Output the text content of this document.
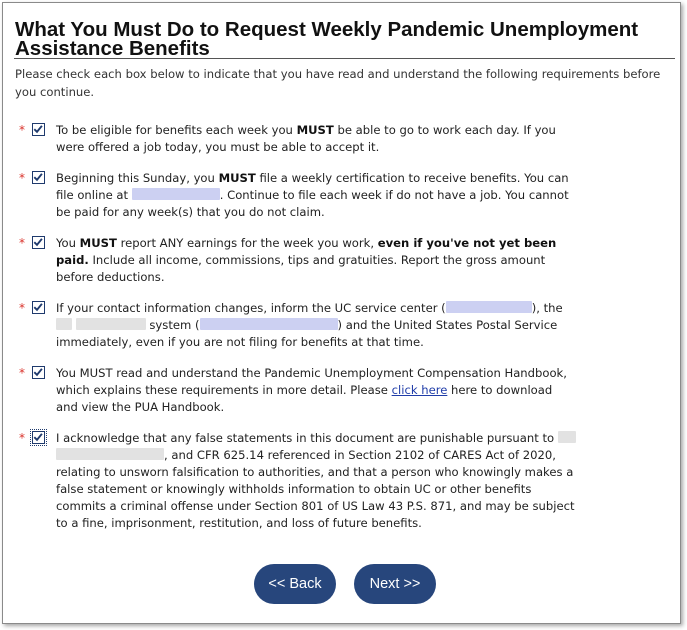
What You Must Do to Request Weekly Pandemic Unemployment Assistance Benefits
Please check each box below to indicate that you have read and understand the following requirements before you continue.
*	To be eligible for benefits each week you MUST be able to go to work each day. If you were offered a job today, you must be able to accept it.
*	Beginning this Sunday, you MUST file a weekly certification to receive benefits. You can file online at	. Continue to file each week if do not have a job. You cannot be paid for any week(s) that you do not claim.
*	You MUST report ANY earnings for the week you work, even if you've not yet been paid. Include all income, commissions, tips and gratuities. Report the gross amount before deductions.
*	If your contact information changes, inform the UC service center (	), the   system (	) and the United States Postal Service immediately, even if you are not filing for benefits at that time.
*	You MUST read and understand the Pandemic Unemployment Compensation Handbook, which explains these requirements in more detail. Please click here here to download and view the PUA Handbook.
*	I acknowledge that any false statements in this document are punishable pursuant to  , and CFR 625.14 referenced in Section 2102 of CARES Act of 2020, relating to unsworn falsification to authorities, and that a person who knowingly makes a false statement or knowingly withholds information to obtain UC or other benefits commits a criminal offense under Section 801 of US Law 43 P.S. 871, and may be subject to a fine, imprisonment, restitution, and loss of future benefits.
<< Back	Next >>
